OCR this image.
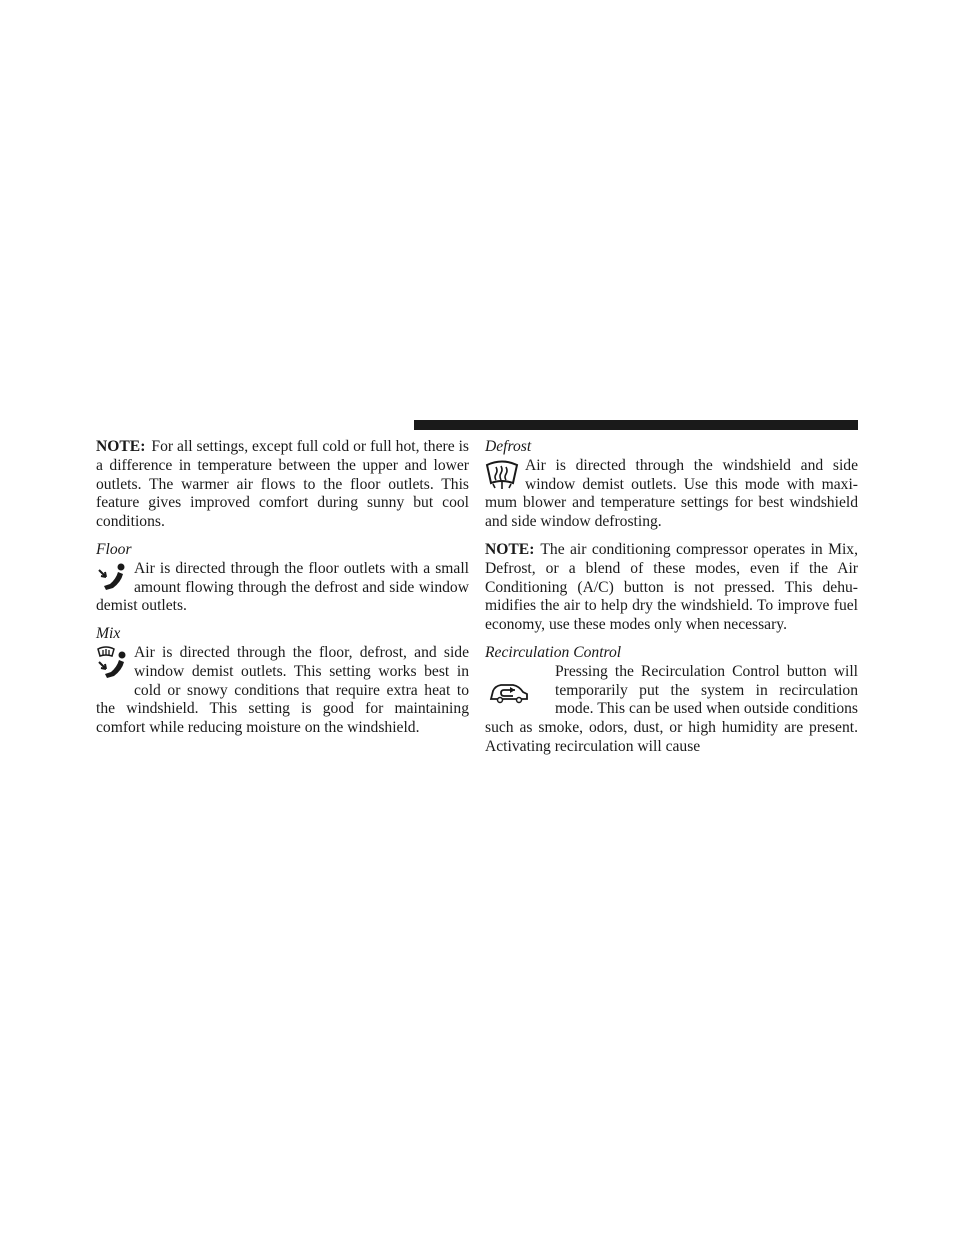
NOTE: For all settings, except full cold or full hot, there is a difference in temperature between the upper and lower outlets. The warmer air flows to the floor outlets. This feature gives improved comfort during sunny but cool conditions.

Floor

Air is directed through the floor outlets with a small amount flowing through the defrost and side window demist outlets.

Mix

Air is directed through the floor, defrost, and side window demist outlets. This setting works best in cold or snowy conditions that require extra heat to the windshield. This setting is good for maintaining comfort while reducing moisture on the windshield.

Defrost

Air is directed through the windshield and side window demist outlets. Use this mode with maximum blower and temperature settings for best windshield and side window defrosting.

NOTE: The air conditioning compressor operates in Mix, Defrost, or a blend of these modes, even if the Air Conditioning (A/C) button is not pressed. This dehumidifies the air to help dry the windshield. To improve fuel economy, use these modes only when necessary.

Recirculation Control

Pressing the Recirculation Control button will temporarily put the system in recirculation mode. This can be used when outside conditions such as smoke, odors, dust, or high humidity are present. Activating recirculation will cause
